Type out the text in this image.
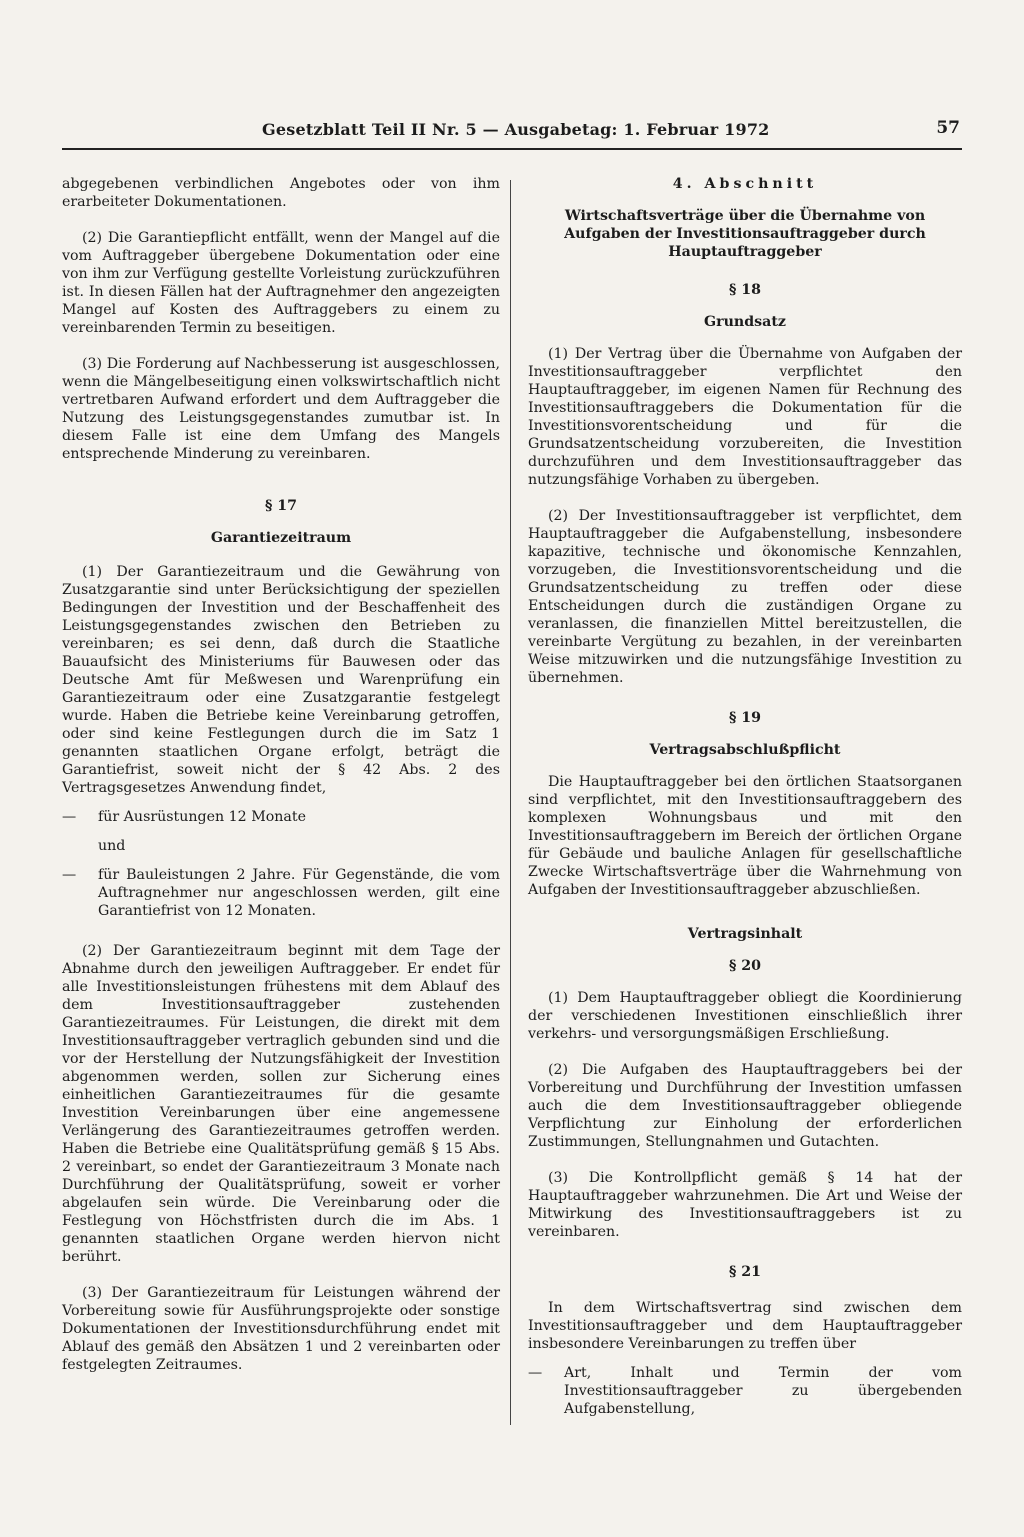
Gesetzblatt Teil II Nr. 5 — Ausgabetag: 1. Februar 1972	57

abgegebenen verbindlichen Angebotes oder von ihm erarbeiteter Dokumentationen.

(2) Die Garantiepflicht entfällt, wenn der Mangel auf die vom Auftraggeber übergebene Dokumentation oder eine von ihm zur Verfügung gestellte Vorleistung zurückzuführen ist. In diesen Fällen hat der Auftragnehmer den angezeigten Mangel auf Kosten des Auftraggebers zu einem zu vereinbarenden Termin zu beseitigen.

(3) Die Forderung auf Nachbesserung ist ausgeschlossen, wenn die Mängelbeseitigung einen volkswirtschaftlich nicht vertretbaren Aufwand erfordert und dem Auftraggeber die Nutzung des Leistungsgegenstandes zumutbar ist. In diesem Falle ist eine dem Umfang des Mangels entsprechende Minderung zu vereinbaren.

§ 17

Garantiezeitraum

(1) Der Garantiezeitraum und die Gewährung von Zusatzgarantie sind unter Berücksichtigung der speziellen Bedingungen der Investition und der Beschaffenheit des Leistungsgegenstandes zwischen den Betrieben zu vereinbaren; es sei denn, daß durch die Staatliche Bauaufsicht des Ministeriums für Bauwesen oder das Deutsche Amt für Meßwesen und Warenprüfung ein Garantiezeitraum oder eine Zusatzgarantie festgelegt wurde. Haben die Betriebe keine Vereinbarung getroffen, oder sind keine Festlegungen durch die im Satz 1 genannten staatlichen Organe erfolgt, beträgt die Garantiefrist, soweit nicht der § 42 Abs. 2 des Vertragsgesetzes Anwendung findet,

—	für Ausrüstungen 12 Monate

und

—	für Bauleistungen 2 Jahre. Für Gegenstände, die vom Auftragnehmer nur angeschlossen werden, gilt eine Garantiefrist von 12 Monaten.

(2) Der Garantiezeitraum beginnt mit dem Tage der Abnahme durch den jeweiligen Auftraggeber. Er endet für alle Investitionsleistungen frühestens mit dem Ablauf des dem Investitionsauftraggeber zustehenden Garantiezeitraumes. Für Leistungen, die direkt mit dem Investitionsauftraggeber vertraglich gebunden sind und die vor der Herstellung der Nutzungsfähigkeit der Investition abgenommen werden, sollen zur Sicherung eines einheitlichen Garantiezeitraumes für die gesamte Investition Vereinbarungen über eine angemessene Verlängerung des Garantiezeitraumes getroffen werden. Haben die Betriebe eine Qualitätsprüfung gemäß § 15 Abs. 2 vereinbart, so endet der Garantiezeitraum 3 Monate nach Durchführung der Qualitätsprüfung, soweit er vorher abgelaufen sein würde. Die Vereinbarung oder die Festlegung von Höchstfristen durch die im Abs. 1 genannten staatlichen Organe werden hiervon nicht berührt.

(3) Der Garantiezeitraum für Leistungen während der Vorbereitung sowie für Ausführungsprojekte oder sonstige Dokumentationen der Investitionsdurchführung endet mit Ablauf des gemäß den Absätzen 1 und 2 vereinbarten oder festgelegten Zeitraumes.

4. Abschnitt

Wirtschaftsverträge über die Übernahme von Aufgaben der Investitionsauftraggeber durch Hauptauftraggeber

§ 18

Grundsatz

(1) Der Vertrag über die Übernahme von Aufgaben der Investitionsauftraggeber verpflichtet den Hauptauftraggeber, im eigenen Namen für Rechnung des Investitionsauftraggebers die Dokumentation für die Investitionsvorentscheidung und für die Grundsatzentscheidung vorzubereiten, die Investition durchzuführen und dem Investitionsauftraggeber das nutzungsfähige Vorhaben zu übergeben.

(2) Der Investitionsauftraggeber ist verpflichtet, dem Hauptauftraggeber die Aufgabenstellung, insbesondere kapazitive, technische und ökonomische Kennzahlen, vorzugeben, die Investitionsvorentscheidung und die Grundsatzentscheidung zu treffen oder diese Entscheidungen durch die zuständigen Organe zu veranlassen, die finanziellen Mittel bereitzustellen, die vereinbarte Vergütung zu bezahlen, in der vereinbarten Weise mitzuwirken und die nutzungsfähige Investition zu übernehmen.

§ 19

Vertragsabschlußpflicht

Die Hauptauftraggeber bei den örtlichen Staatsorganen sind verpflichtet, mit den Investitionsauftraggebern des komplexen Wohnungsbaus und mit den Investitionsauftraggebern im Bereich der örtlichen Organe für Gebäude und bauliche Anlagen für gesellschaftliche Zwecke Wirtschaftsverträge über die Wahrnehmung von Aufgaben der Investitionsauftraggeber abzuschließen.

Vertragsinhalt

§ 20

(1) Dem Hauptauftraggeber obliegt die Koordinierung der verschiedenen Investitionen einschließlich ihrer verkehrs- und versorgungsmäßigen Erschließung.

(2) Die Aufgaben des Hauptauftraggebers bei der Vorbereitung und Durchführung der Investition umfassen auch die dem Investitionsauftraggeber obliegende Verpflichtung zur Einholung der erforderlichen Zustimmungen, Stellungnahmen und Gutachten.

(3) Die Kontrollpflicht gemäß § 14 hat der Hauptauftraggeber wahrzunehmen. Die Art und Weise der Mitwirkung des Investitionsauftraggebers ist zu vereinbaren.

§ 21

In dem Wirtschaftsvertrag sind zwischen dem Investitionsauftraggeber und dem Hauptauftraggeber insbesondere Vereinbarungen zu treffen über

—	Art, Inhalt und Termin der vom Investitionsauftraggeber zu übergebenden Aufgabenstellung,
